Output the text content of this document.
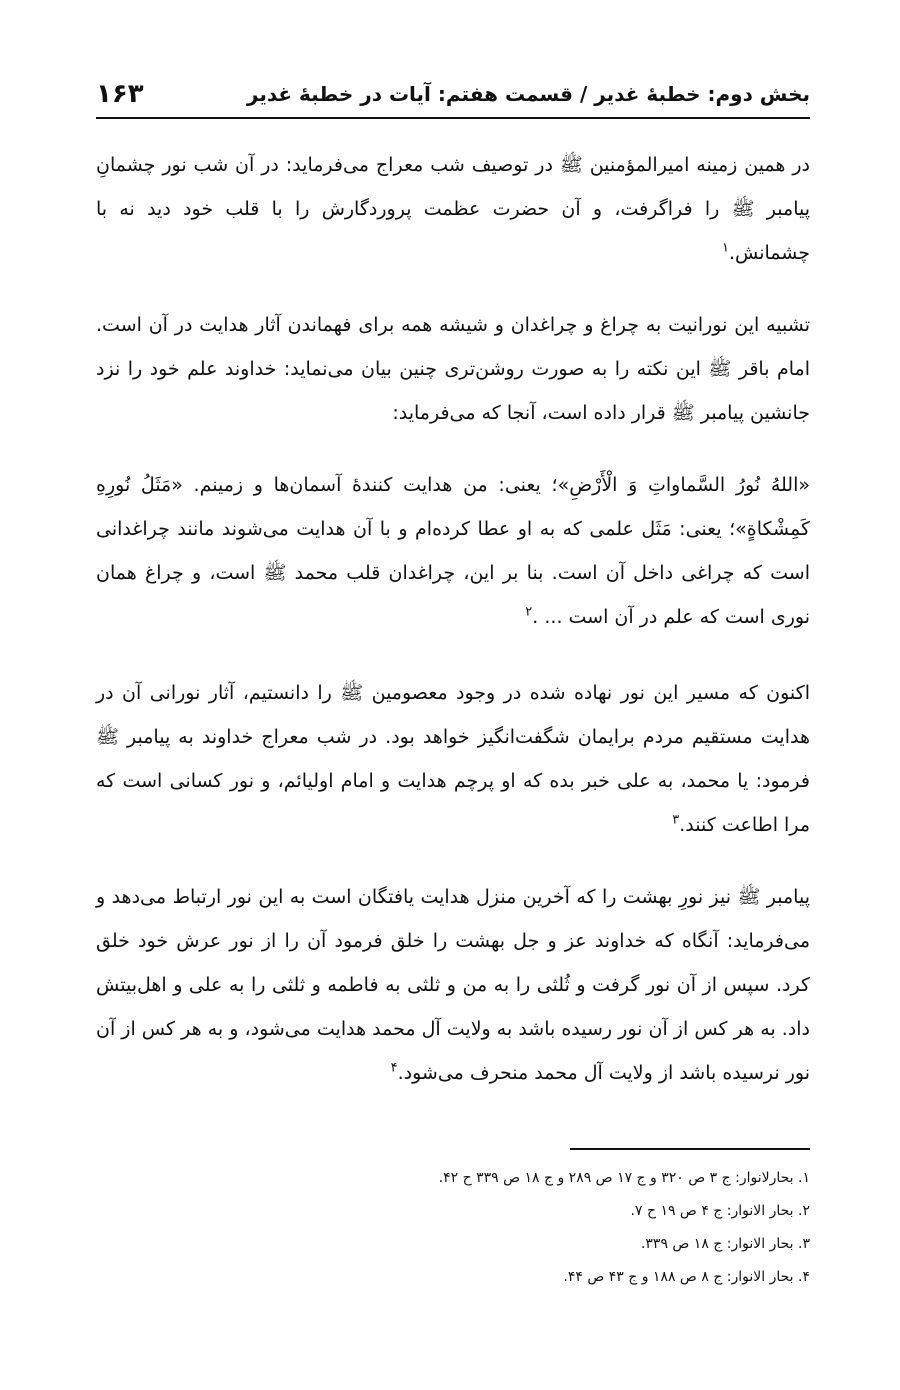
بخش دوم: خطبهٔ غدیر / قسمت هفتم: آیات در خطبهٔ غدیر
۱۶۳

در همین زمینه امیرالمؤمنین ﷺ در توصیف شب معراج می‌فرماید: در آن شب نور چشمانِ پیامبر ﷺ را فراگرفت، و آن حضرت عظمت پروردگارش را با قلب خود دید نه با چشمانش.$^۱$

تشبیه این نورانیت به چراغ و چراغدان و شیشه همه برای فهماندن آثار هدایت در آن است. امام باقر ﷺ این نکته را به صورت روشن‌تری چنین بیان می‌نماید: خداوند علم خود را نزد جانشین پیامبر ﷺ قرار داده است، آنجا که می‌فرماید:

«اللهُ نُورُ السَّماواتِ وَ الْأَرْضِ»؛ یعنی: من هدایت کنندهٔ آسمان‌ها و زمینم. «مَثَلُ نُورِهِ كَمِشْكاةٍ»؛ یعنی: مَثَل علمی که به او عطا کرده‌ام و با آن هدایت می‌شوند مانند چراغدانی است که چراغی داخل آن است. بنا بر این، چراغدان قلب محمد ﷺ است، و چراغ همان نوری است که علم در آن است ... .$^۲$

اکنون که مسیر این نور نهاده شده در وجود معصومین ﷺ را دانستیم، آثار نورانی آن در هدایت مستقیم مردم برایمان شگفت‌انگیز خواهد بود. در شب معراج خداوند به پیامبر ﷺ فرمود: یا محمد، به علی خبر بده که او پرچم هدایت و امام اولیائم، و نور کسانی است که مرا اطاعت کنند.$^۳$

پیامبر ﷺ نیز نورِ بهشت را که آخرین منزل هدایت یافتگان است به این نور ارتباط می‌دهد و می‌فرماید: آنگاه که خداوند عز و جل بهشت را خلق فرمود آن را از نور عرش خود خلق کرد. سپس از آن نور گرفت و ثُلثی را به من و ثلثی به فاطمه و ثلثی را به علی و اهل‌بیتش داد. به هر کس از آن نور رسیده باشد به ولایت آل محمد هدایت می‌شود، و به هر کس از آن نور نرسیده باشد از ولایت آل محمد منحرف می‌شود.$^۴$

۱. بحارلانوار: ج ۳ ص ۳۲۰ و ج ۱۷ ص ۲۸۹ و ج ۱۸ ص ۳۳۹ ح ۴۲.
۲. بحار الانوار: ج ۴ ص ۱۹ ح ۷.
۳. بحار الانوار: ج ۱۸ ص ۳۳۹.
۴. بحار الانوار: ج ۸ ص ۱۸۸ و ج ۴۳ ص ۴۴.
